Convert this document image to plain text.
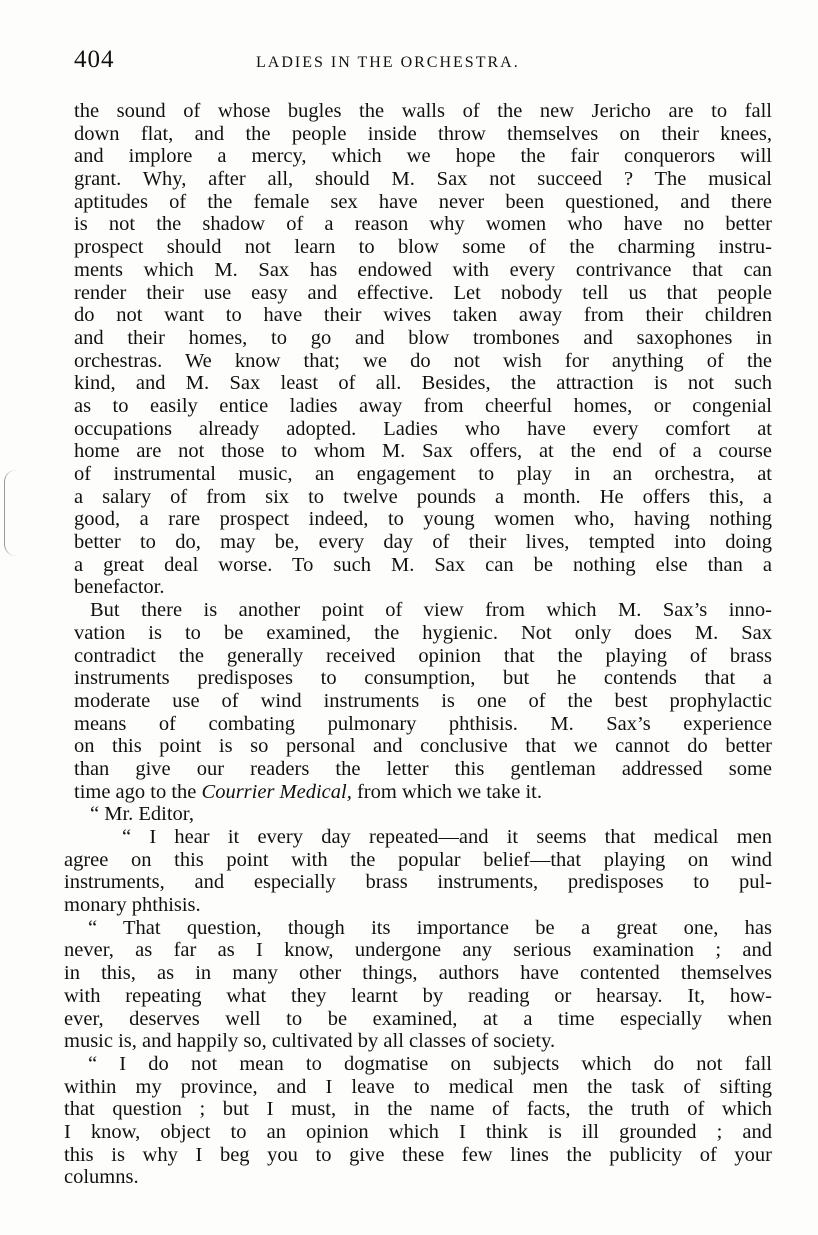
404	LADIES IN THE ORCHESTRA.
the sound of whose bugles the walls of the new Jericho are to fall
down flat, and the people inside throw themselves on their knees,
and implore a mercy, which we hope the fair conquerors will
grant. Why, after all, should M. Sax not succeed ? The musical
aptitudes of the female sex have never been questioned, and there
is not the shadow of a reason why women who have no better
prospect should not learn to blow some of the charming instru-
ments which M. Sax has endowed with every contrivance that can
render their use easy and effective. Let nobody tell us that people
do not want to have their wives taken away from their children
and their homes, to go and blow trombones and saxophones in
orchestras. We know that; we do not wish for anything of the
kind, and M. Sax least of all. Besides, the attraction is not such
as to easily entice ladies away from cheerful homes, or congenial
occupations already adopted. Ladies who have every comfort at
home are not those to whom M. Sax offers, at the end of a course
of instrumental music, an engagement to play in an orchestra, at
a salary of from six to twelve pounds a month. He offers this, a
good, a rare prospect indeed, to young women who, having nothing
better to do, may be, every day of their lives, tempted into doing
a great deal worse. To such M. Sax can be nothing else than a
benefactor.
But there is another point of view from which M. Sax’s inno-
vation is to be examined, the hygienic. Not only does M. Sax
contradict the generally received opinion that the playing of brass
instruments predisposes to consumption, but he contends that a
moderate use of wind instruments is one of the best prophylactic
means of combating pulmonary phthisis. M. Sax’s experience
on this point is so personal and conclusive that we cannot do better
than give our readers the letter this gentleman addressed some
time ago to the Courrier Medical, from which we take it.
“ Mr. Editor,
“ I hear it every day repeated—and it seems that medical men
agree on this point with the popular belief—that playing on wind
instruments, and especially brass instruments, predisposes to pul-
monary phthisis.
“ That question, though its importance be a great one, has
never, as far as I know, undergone any serious examination ; and
in this, as in many other things, authors have contented themselves
with repeating what they learnt by reading or hearsay. It, how-
ever, deserves well to be examined, at a time especially when
music is, and happily so, cultivated by all classes of society.
“ I do not mean to dogmatise on subjects which do not fall
within my province, and I leave to medical men the task of sifting
that question ; but I must, in the name of facts, the truth of which
I know, object to an opinion which I think is ill grounded ; and
this is why I beg you to give these few lines the publicity of your
columns.
